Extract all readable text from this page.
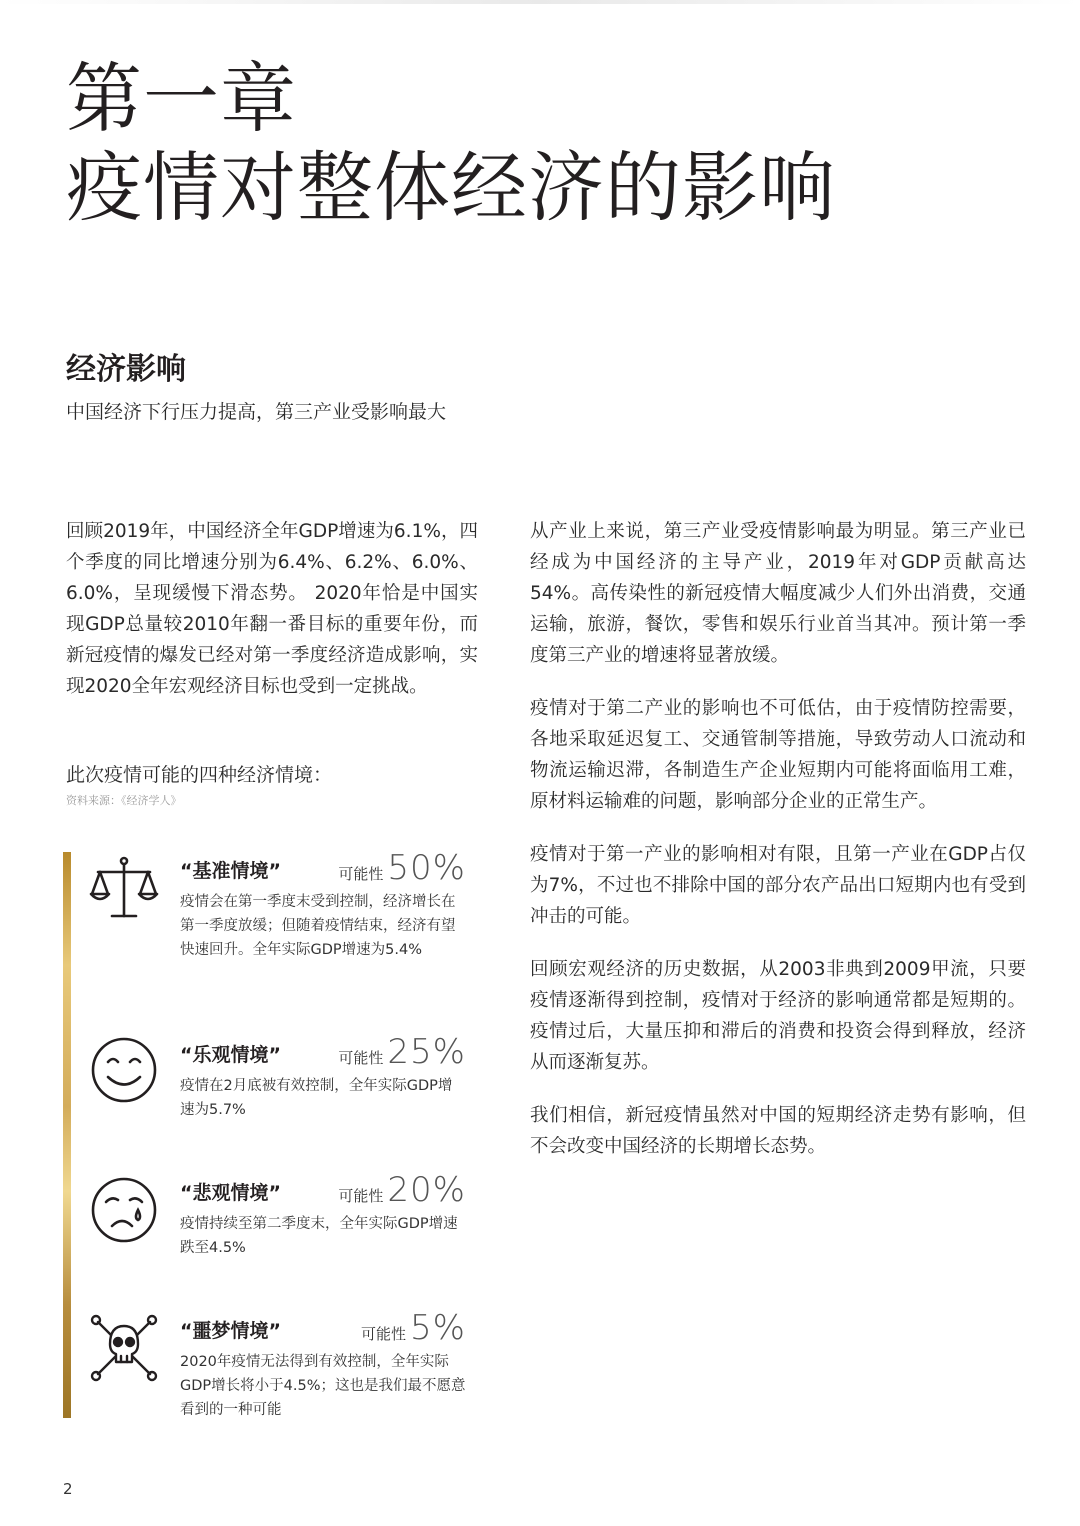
第一章
疫情对整体经济的影响
经济影响
中国经济下行压力提高，第三产业受影响最大

回顾2019年，中国经济全年GDP增速为6.1%，四个季度的同比增速分别为6.4%、6.2%、6.0%、6.0%，呈现缓慢下滑态势。 2020年恰是中国实现GDP总量较2010年翻一番目标的重要年份，而新冠疫情的爆发已经对第一季度经济造成影响，实现2020全年宏观经济目标也受到一定挑战。

此次疫情可能的四种经济情境：
资料来源：《经济学人》
“基准情境”	可能性 50%
疫情会在第一季度末受到控制，经济增长在第一季度放缓；但随着疫情结束，经济有望快速回升。全年实际GDP增速为5.4%
“乐观情境”	可能性 25%
疫情在2月底被有效控制，全年实际GDP增速为5.7%
“悲观情境”	可能性 20%
疫情持续至第二季度末，全年实际GDP增速跌至4.5%
“噩梦情境”	可能性 5%
2020年疫情无法得到有效控制，全年实际GDP增长将小于4.5%；这也是我们最不愿意看到的一种可能

从产业上来说，第三产业受疫情影响最为明显。第三产业已经成为中国经济的主导产业，2019年对GDP贡献高达54%。高传染性的新冠疫情大幅度减少人们外出消费，交通运输，旅游，餐饮，零售和娱乐行业首当其冲。预计第一季度第三产业的增速将显著放缓。

疫情对于第二产业的影响也不可低估，由于疫情防控需要，各地采取延迟复工、交通管制等措施，导致劳动人口流动和物流运输迟滞，各制造生产企业短期内可能将面临用工难，原材料运输难的问题，影响部分企业的正常生产。

疫情对于第一产业的影响相对有限，且第一产业在GDP占仅为7%，不过也不排除中国的部分农产品出口短期内也有受到冲击的可能。

回顾宏观经济的历史数据，从2003非典到2009甲流，只要疫情逐渐得到控制，疫情对于经济的影响通常都是短期的。疫情过后，大量压抑和滞后的消费和投资会得到释放，经济从而逐渐复苏。

我们相信，新冠疫情虽然对中国的短期经济走势有影响，但不会改变中国经济的长期增长态势。

2
